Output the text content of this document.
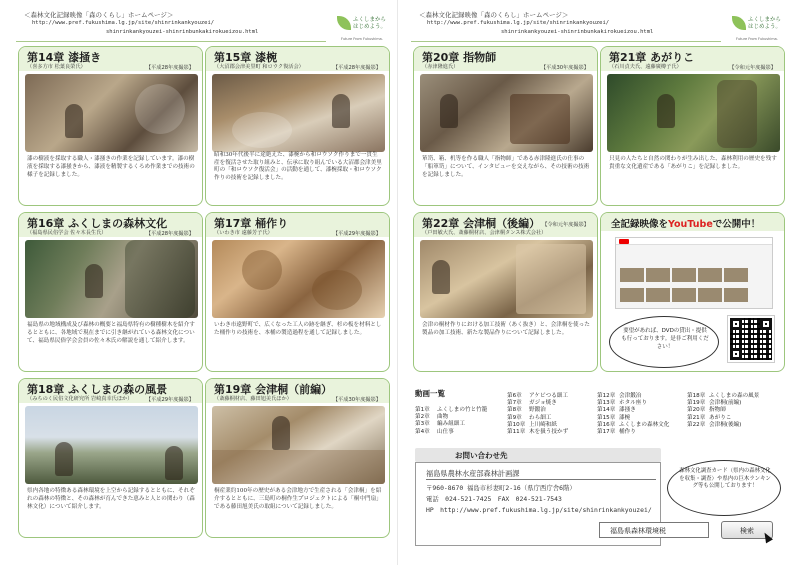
＜森林文化記録映像「森のくらし」ホームページ＞
http://www.pref.fukushima.lg.jp/site/shinrinkankyouzei/
shinrinkankyouzei-shinrinbunkakirokueizou.html
ふくしまから
はじめよう。
Future From Fukushima.
第14章 漆掻き
（喜多方市 松葉良榮氏）	【平成28年度撮影】
漆の樹液を採取する職人・漆掻きの作業を記録しています。漆の樹液を採取する漆掻きから、漆液を精製するくろめ作業までの技術の様子を記録しました。
第15章 漆椀
（大沼郡会津美里町 和ロウク復活会）	【平成28年度撮影】
昭和30年代後半に途絶えた、漆椀から和ロウソク作りまで一貫生産を復活させた取り組みと、伝承に取り組んでいる大沼郡会津美里町の「和ロウソク復活会」の活動を通して、漆椀採取・和ロウソク作りの技術を記録しました。
第16章 ふくしまの森林文化
（福島県民俗学会 佐々木長生氏）	【平成28年度撮影】
福島県の地域構成及び森林の概要と福島県特有の樹種樹木を紹介するとともに、各地域で現在までに引き継がれている森林文化について、福島県民俗学会会員の佐々木氏の解説を通して紹介します。
第17章 桶作り
（いわき市 遠藤芳子氏）	【平成29年度撮影】
いわき市遠野町で、広くなった工人の跡を継ぎ、杉の板を材料とした桶作りの技術を、本桶の製造過程を通して記録しました。
第18章 ふくしまの森の風景
（みちのく民俗文化研究所 岩崎真幸氏ほか）	【平成29年度撮影】
県内各地の特徴ある森林環境を上空から記録するとともに、それぞれの森林の特徴と、その森林が育んできた恵みと人との関わり（森林文化）について紹介します。
第19章 会津桐（前編）
（斎藤桐材店、藤田旭美氏ほか）	【平成30年度撮影】
桐産業約100年の歴史がある会津地方で生産される「会津桐」を紹介するとともに、三島町の桐作生プロジェクトによる「桐中門扇」である藤田旭美氏の取組について記録しました。
＜森林文化記録映像「森のくらし」ホームページ＞
http://www.pref.fukushima.lg.jp/site/shinrinkankyouzei/
shinrinkankyouzei-shinrinbunkakirokueizou.html
ふくしまから
はじめよう。
Future From Fukushima.
第20章 指物師
（赤津隆進氏）	【平成30年度撮影】
箪笥、箱、机等を作る職人「指物師」である赤津隆進氏の仕事の「船箪笥」について、インタビューを交えながら、その技術の技術を記録しました。
第21章 あがりこ
（石川貞夫氏、遠藤廣樽子氏）	【令和元年度撮影】
只見の人たちと自然の関わりが生み出した、森林利用の歴史を残す貴重な文化遺産である「あがりこ」を記録しました。
第22章 会津桐（後編）
（戸田敏大氏、斎藤桐材店、会津桐タンス株式会社）
【令和元年度撮影】
会津の桐材作りにおける加工技術（あく抜き）と、会津桐を使った製品の加工技術、新たな製品作りについて記録しました。
全記録映像をYouTubeで公開中！
要望があれば、DVDの貸出・提供も行っております。是非ご利用ください！
動画一覧
第1章 ふくしまの竹と竹籠
第2章 曲物
第3章 編み組細工
第4章 山仕事
第6章 アケビつる細工
第7章 ガジョ焼き
第8章 野鍛治
第9章 わら細工
第10章 上川崎和紙
第11章 木を扱う技かず
第12章 会津鍛冶
第13章 ホタル座り
第14章 漆掻き
第15章 漆椀
第16章 ふくしまの森林文化
第17章 桶作り
第18章 ふくしまの森の風景
第19章 会津桐(前編)
第20章 指物師
第21章 あがりこ
第22章 会津桐(後編)
お問い合わせ先
福島県農林水産部森林計画課
〒960-8670 福島市杉妻町2-16（県庁西庁舎6階）
電話　024-521-7425　FAX　024-521-7543
HP　http://www.pref.fukushima.lg.jp/site/shinrinkankyouzei/
森林文化調査カード（県内の森林文化を収集・調査）や県内の巨木ランキング等も公開しております！
福島県森林環境税	検索
